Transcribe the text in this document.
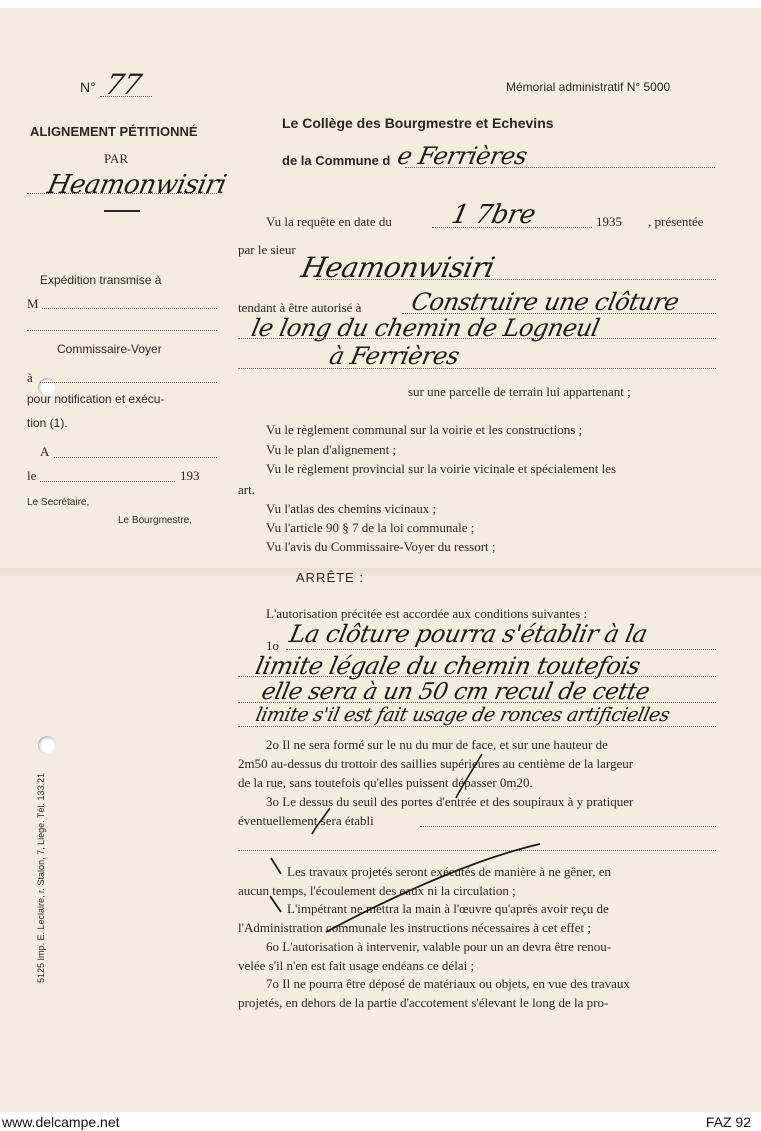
N° 77	Mémorial administratif N° 5000
ALIGNEMENT PÉTITIONNÉ
PAR
Heamonwisiri
Expédition transmise à
M
Commissaire-Voyer
à
pour notification et exécu-
tion (1).
A
le	193
Le Secrétaire,
Le Bourgmestre,
Le Collège des Bourgmestre et Echevins
de la Commune d e Ferrières
Vu la requête en date du 1 7bre	1935 , présentée
par le sieur
Heamonwisiri
tendant à être autorisé à Construire une clôture
le long du chemin de Logneul
à Ferrières
sur une parcelle de terrain lui appartenant ;
Vu le règlement communal sur la voirie et les constructions ;
Vu le plan d'alignement ;
Vu le règlement provincial sur la voirie vicinale et spécialement les
art.
Vu l'atlas des chemins vicinaux ;
Vu l'article 90 § 7 de la loi communale ;
Vu l'avis du Commissaire-Voyer du ressort ;
ARRÊTE :
L'autorisation précitée est accordée aux conditions suivantes :
1o La clôture pourra s'établir à la
limite légale du chemin toutefois
elle sera à un 50 cm recul de cette
limite s'il est fait usage de ronces artificielles
2o Il ne sera formé sur le nu du mur de face, et sur une hauteur de
2m50 au-dessus du trottoir des saillies supérieures au centième de la largeur
de la rue, sans toutefois qu'elles puissent dépasser 0m20.
3o Le dessus du seuil des portes d'entrée et des soupiraux à y pratiquer
éventuellement sera établi
Les travaux projetés seront exécutés de manière à ne gêner, en
aucun temps, l'écoulement des eaux ni la circulation ;
L'impétrant ne mettra la main à l'œuvre qu'après avoir reçu de
l'Administration communale les instructions nécessaires à cet effet ;
6o L'autorisation à intervenir, valable pour un an devra être renou-
velée s'il n'en est fait usage endéans ce délai ;
7o Il ne pourra être déposé de matériaux ou objets, en vue des travaux
projetés, en dehors de la partie d'accotement s'élevant le long de la pro-
5125 Imp. E. Leclaire, r. Stalon, 7, Liège. Tél. 133.21
www.delcampe.net	FAZ 92
